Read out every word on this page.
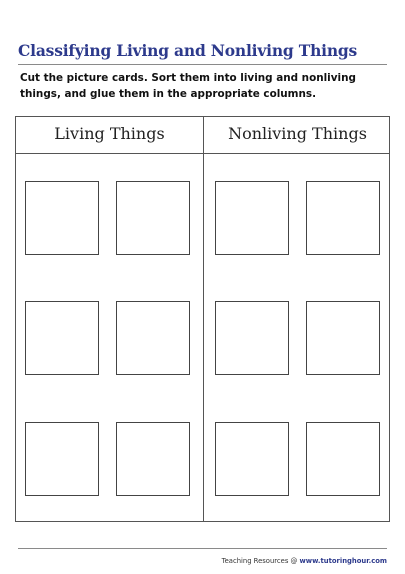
Classifying Living and Nonliving Things
Cut the picture cards. Sort them into living and nonliving things, and glue them in the appropriate columns.
Living Things	Nonliving Things
Teaching Resources @ www.tutoringhour.com
